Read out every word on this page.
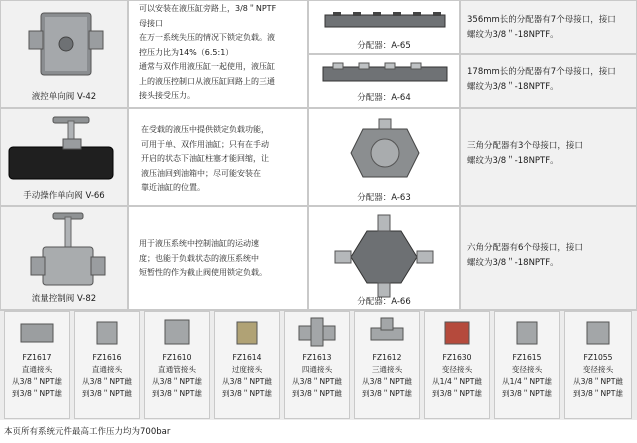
液控单向阀 V-42
可以安装在液压缸旁路上，3/8＂NPTF
母接口
在万一系统失压的情况下锁定负载。液
控压力比为14%（6.5:1）
通常与双作用液压缸一起使用，液压缸
上的液压控制口从液压缸回路上的三通
接头接受压力。
手动操作单向阀 V-66
在受载的液压中提供锁定负载功能，
可用于单、双作用油缸；只有在手动
开启的状态下油缸柱塞才能回缩，让
液压油回到油箱中；尽可能安装在
靠近油缸的位置。
流量控制阀 V-82
用于液压系统中控制油缸的运动速
度；也能于负载状态的液压系统中
短暂性的作为截止阀使用锁定负载。
分配器：A-65
356mm长的分配器有7个母接口，接口
螺纹为3/8＂-18NPTF。
分配器：A-64
178mm长的分配器有7个母接口，接口
螺纹为3/8＂-18NPTF。
分配器：A-63
三角分配器有3个母接口，接口
螺纹为3/8＂-18NPTF。
分配器：A-66
六角分配器有6个母接口，接口
螺纹为3/8＂-18NPTF。
FZ1617
直通接头
从3/8＂NPT雄
到3/8＂NPT雄
FZ1616
直通接头
从3/8＂NPT雌
到3/8＂NPT雌
FZ1610
直通管接头
从3/8＂NPT雄
到3/8＂NPT雄
FZ1614
过度接头
从3/8＂NPT雌
到3/8＂NPT雄
FZ1613
四通接头
从3/8＂NPT雌
到3/8＂NPT雌
FZ1612
三通接头
从3/8＂NPT雌
到3/8＂NPT雄
FZ1630
变径接头
从1/4＂NPT雌
到3/8＂NPT雄
FZ1615
变径接头
从1/4＂NPT雄
到3/8＂NPT雄
FZ1055
变径接头
从3/8＂NPT雌
到3/8＂NPT雄
本页所有系统元件最高工作压力均为700bar
